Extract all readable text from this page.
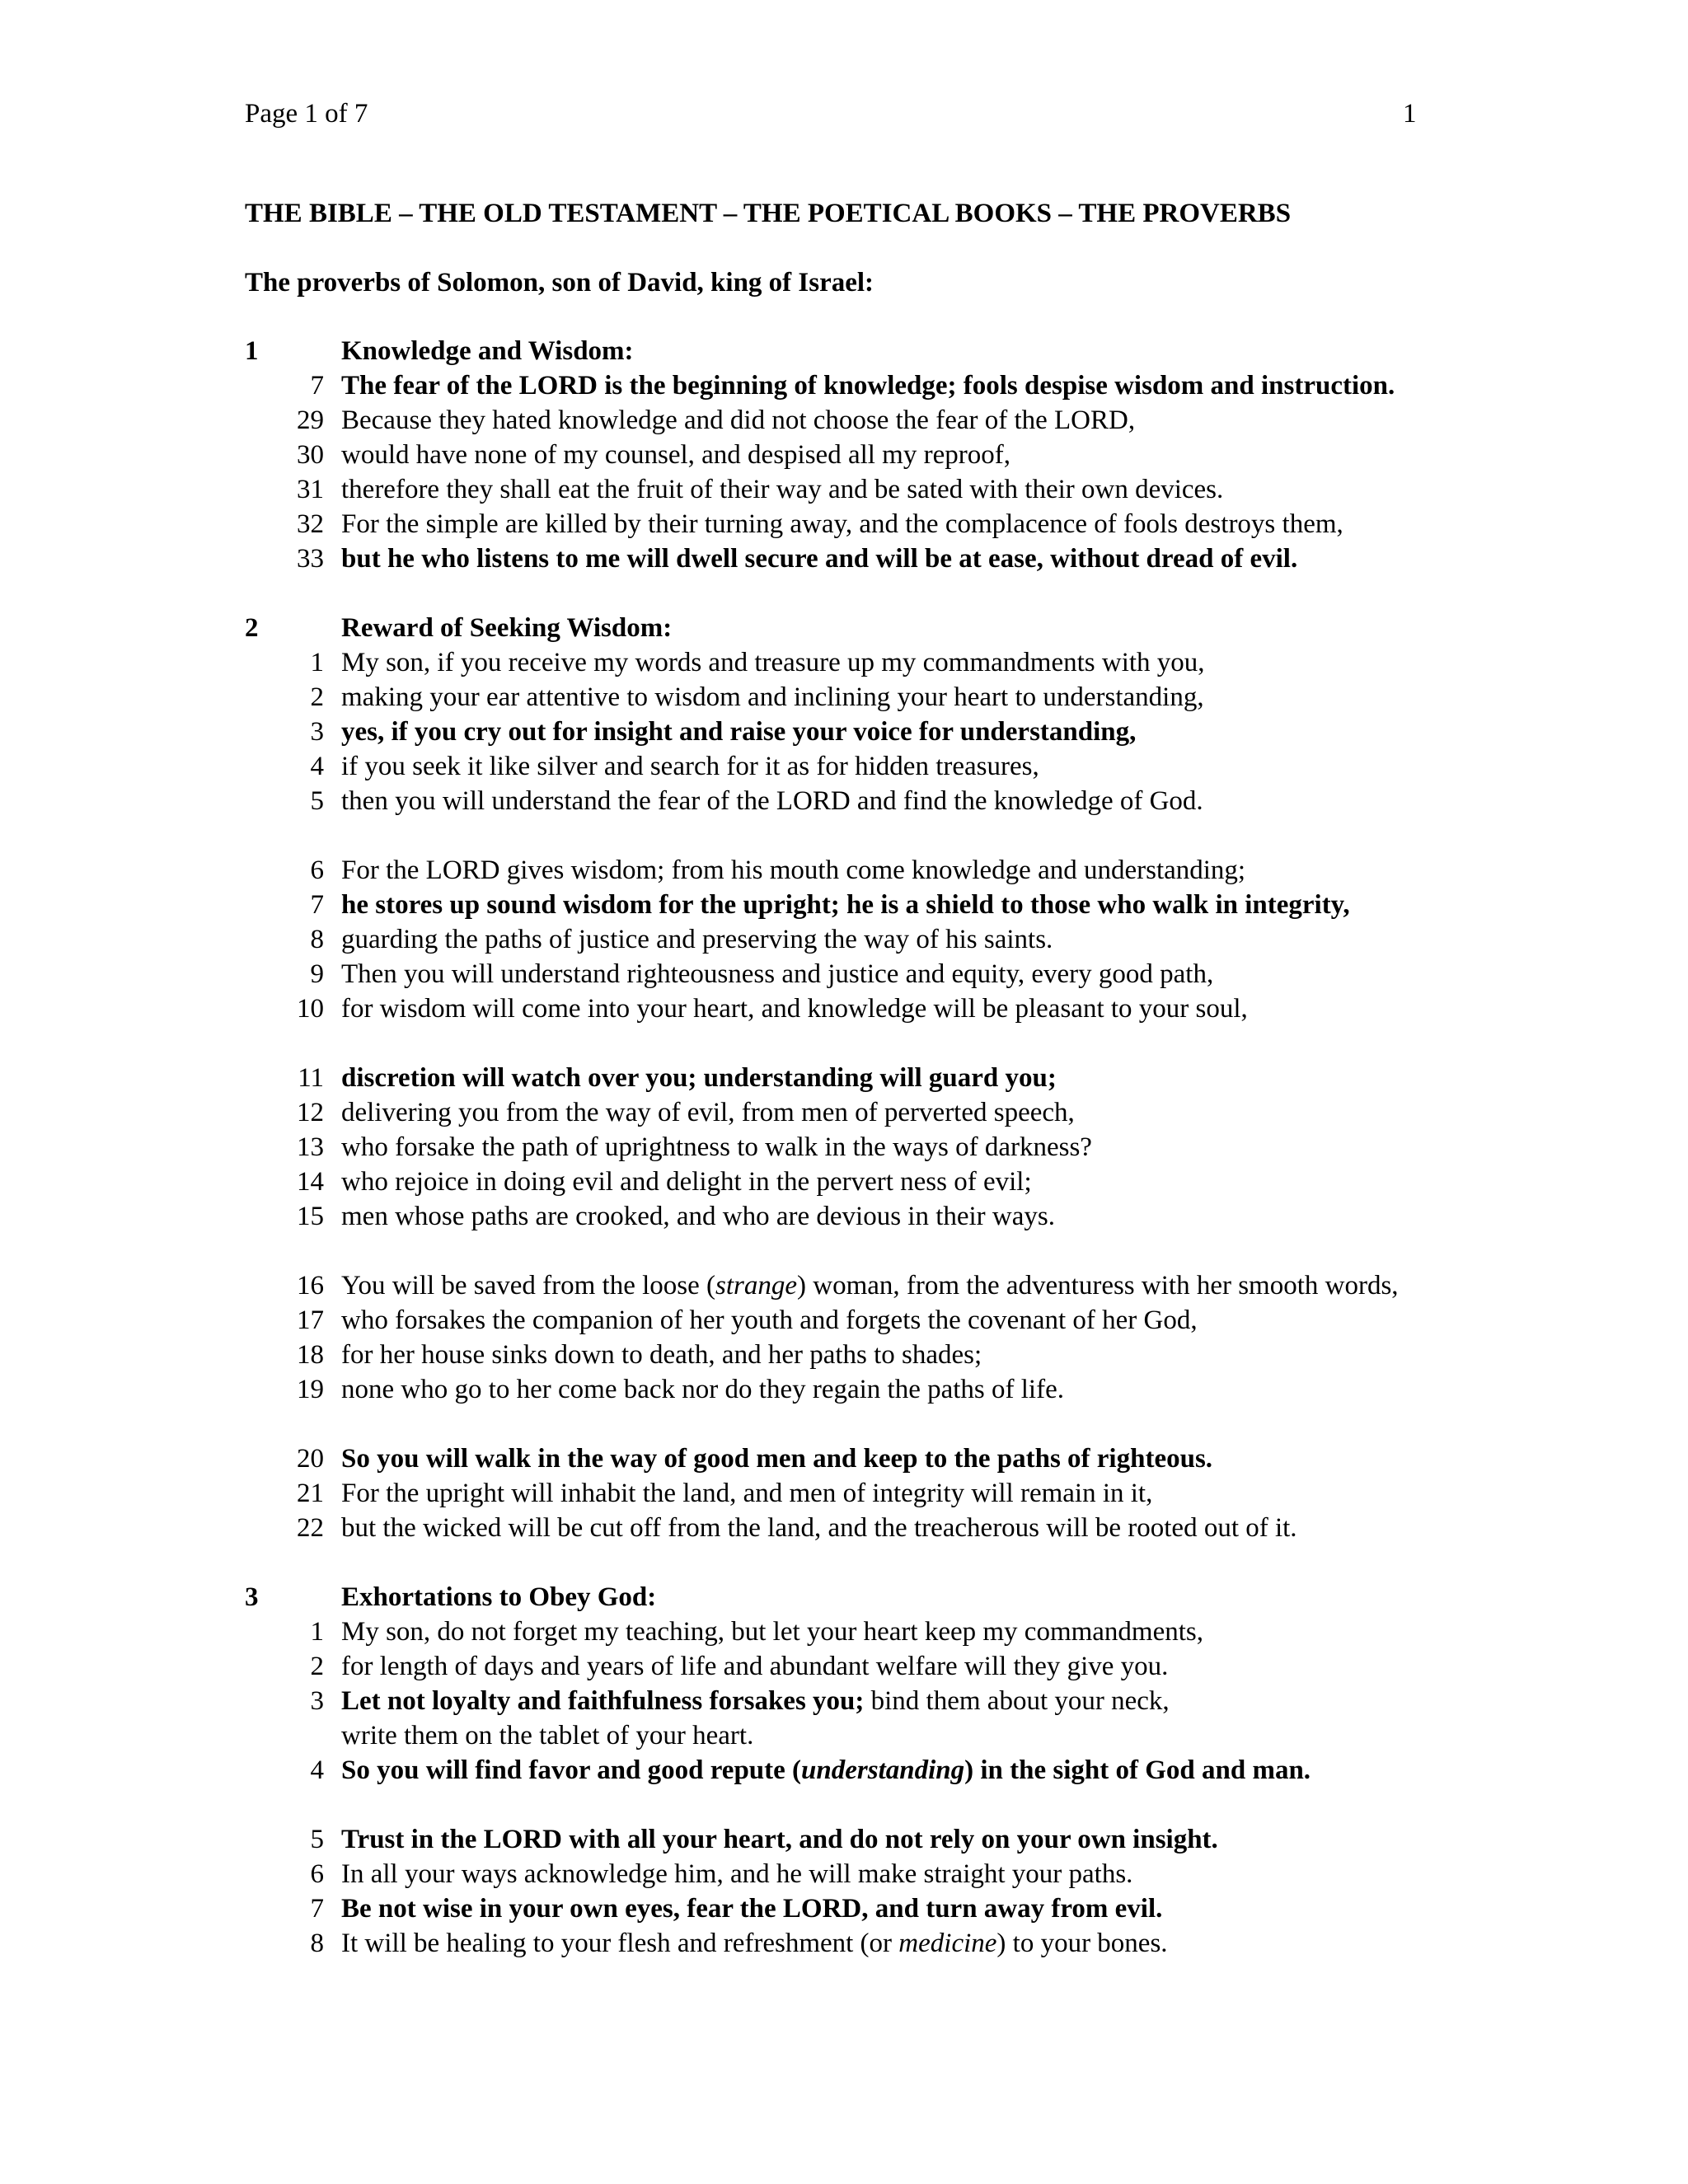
Page 1 of 7	1
THE BIBLE – THE OLD TESTAMENT – THE POETICAL BOOKS – THE PROVERBS
The proverbs of Solomon, son of David, king of Israel:
1	Knowledge and Wisdom:
7 The fear of the LORD is the beginning of knowledge; fools despise wisdom and instruction.
29 Because they hated knowledge and did not choose the fear of the LORD,
30 would have none of my counsel, and despised all my reproof,
31 therefore they shall eat the fruit of their way and be sated with their own devices.
32 For the simple are killed by their turning away, and the complacence of fools destroys them,
33 but he who listens to me will dwell secure and will be at ease, without dread of evil.
2	Reward of Seeking Wisdom:
1 My son, if you receive my words and treasure up my commandments with you,
2 making your ear attentive to wisdom and inclining your heart to understanding,
3 yes, if you cry out for insight and raise your voice for understanding,
4 if you seek it like silver and search for it as for hidden treasures,
5 then you will understand the fear of the LORD and find the knowledge of God.
6 For the LORD gives wisdom; from his mouth come knowledge and understanding;
7 he stores up sound wisdom for the upright; he is a shield to those who walk in integrity,
8 guarding the paths of justice and preserving the way of his saints.
9 Then you will understand righteousness and justice and equity, every good path,
10 for wisdom will come into your heart, and knowledge will be pleasant to your soul,
11 discretion will watch over you; understanding will guard you;
12 delivering you from the way of evil, from men of perverted speech,
13 who forsake the path of uprightness to walk in the ways of darkness?
14 who rejoice in doing evil and delight in the pervert ness of evil;
15 men whose paths are crooked, and who are devious in their ways.
16 You will be saved from the loose (strange) woman, from the adventuress with her smooth words,
17 who forsakes the companion of her youth and forgets the covenant of her God,
18 for her house sinks down to death, and her paths to shades;
19 none who go to her come back nor do they regain the paths of life.
20 So you will walk in the way of good men and keep to the paths of righteous.
21 For the upright will inhabit the land, and men of integrity will remain in it,
22 but the wicked will be cut off from the land, and the treacherous will be rooted out of it.
3	Exhortations to Obey God:
1 My son, do not forget my teaching, but let your heart keep my commandments,
2 for length of days and years of life and abundant welfare will they give you.
3 Let not loyalty and faithfulness forsakes you; bind them about your neck,
write them on the tablet of your heart.
4 So you will find favor and good repute (understanding) in the sight of God and man.
5 Trust in the LORD with all your heart, and do not rely on your own insight.
6 In all your ways acknowledge him, and he will make straight your paths.
7 Be not wise in your own eyes, fear the LORD, and turn away from evil.
8 It will be healing to your flesh and refreshment (or medicine) to your bones.
